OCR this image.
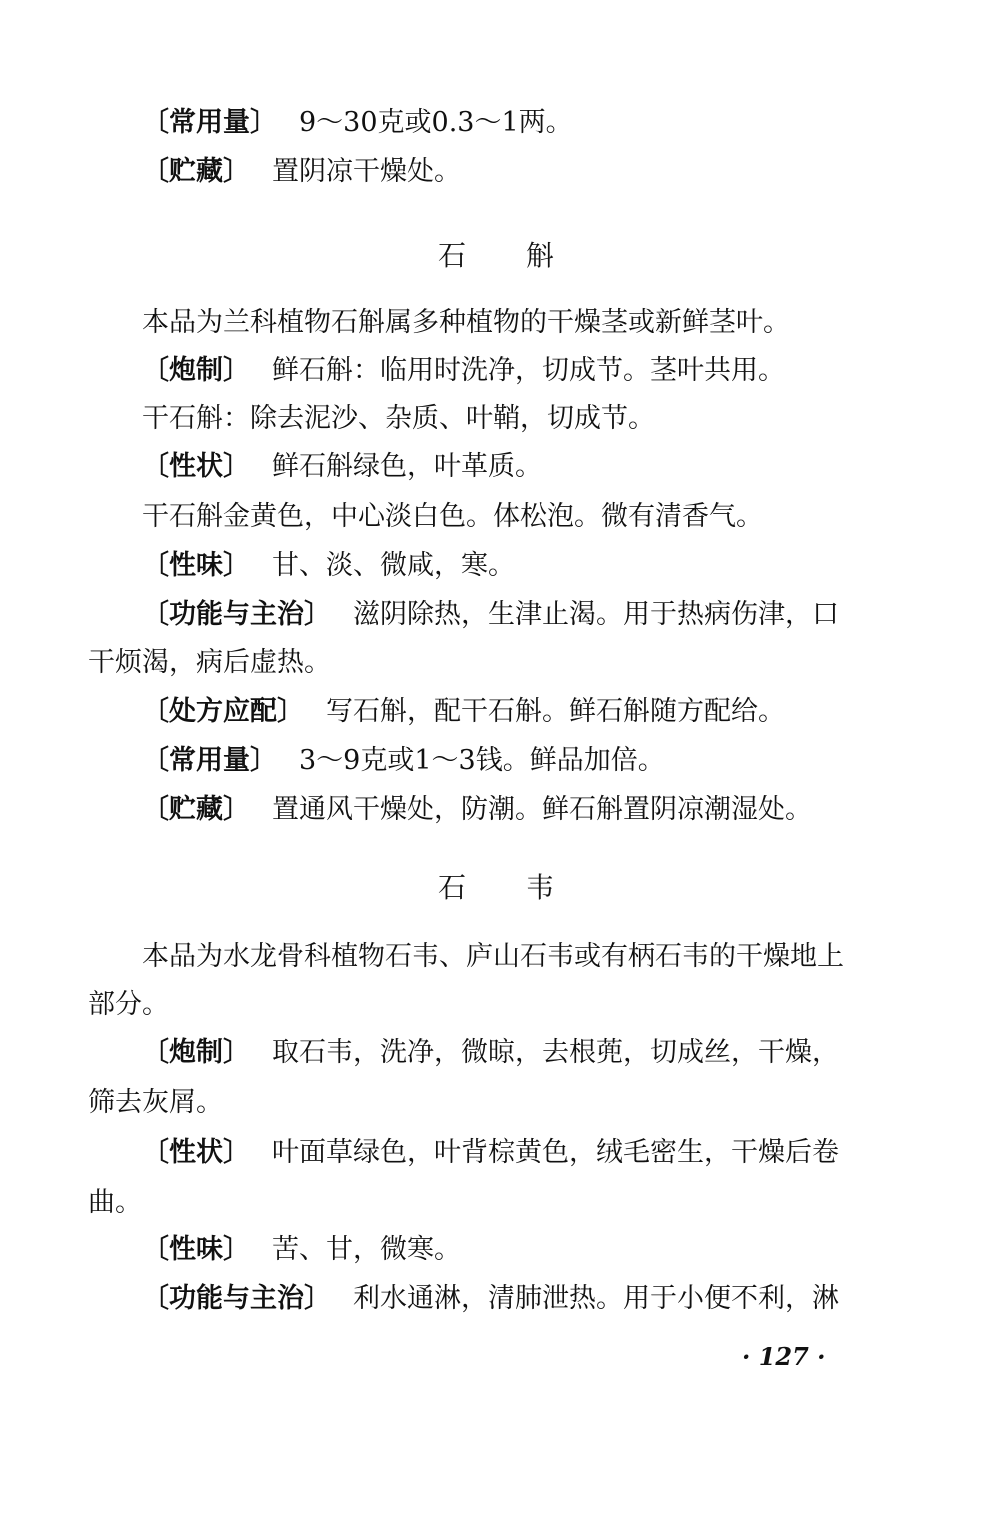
〔常用量〕 9～30克或0.3～1两。
〔贮藏〕 置阴凉干燥处。
石斛
本品为兰科植物石斛属多种植物的干燥茎或新鲜茎叶。
〔炮制〕 鲜石斛：临用时洗净，切成节。茎叶共用。
干石斛：除去泥沙、杂质、叶鞘，切成节。
〔性状〕 鲜石斛绿色，叶革质。
干石斛金黄色，中心淡白色。体松泡。微有清香气。
〔性味〕 甘、淡、微咸，寒。
〔功能与主治〕 滋阴除热，生津止渴。用于热病伤津，口
干烦渴，病后虚热。
〔处方应配〕 写石斛，配干石斛。鲜石斛随方配给。
〔常用量〕 3～9克或1～3钱。鲜品加倍。
〔贮藏〕 置通风干燥处，防潮。鲜石斛置阴凉潮湿处。
石韦
本品为水龙骨科植物石韦、庐山石韦或有柄石韦的干燥地上
部分。
〔炮制〕 取石韦，洗净，微晾，去根蔸，切成丝，干燥，
筛去灰屑。
〔性状〕 叶面草绿色，叶背棕黄色，绒毛密生，干燥后卷
曲。
〔性味〕 苦、甘，微寒。
〔功能与主治〕 利水通淋，清肺泄热。用于小便不利，淋
· 127 ·
